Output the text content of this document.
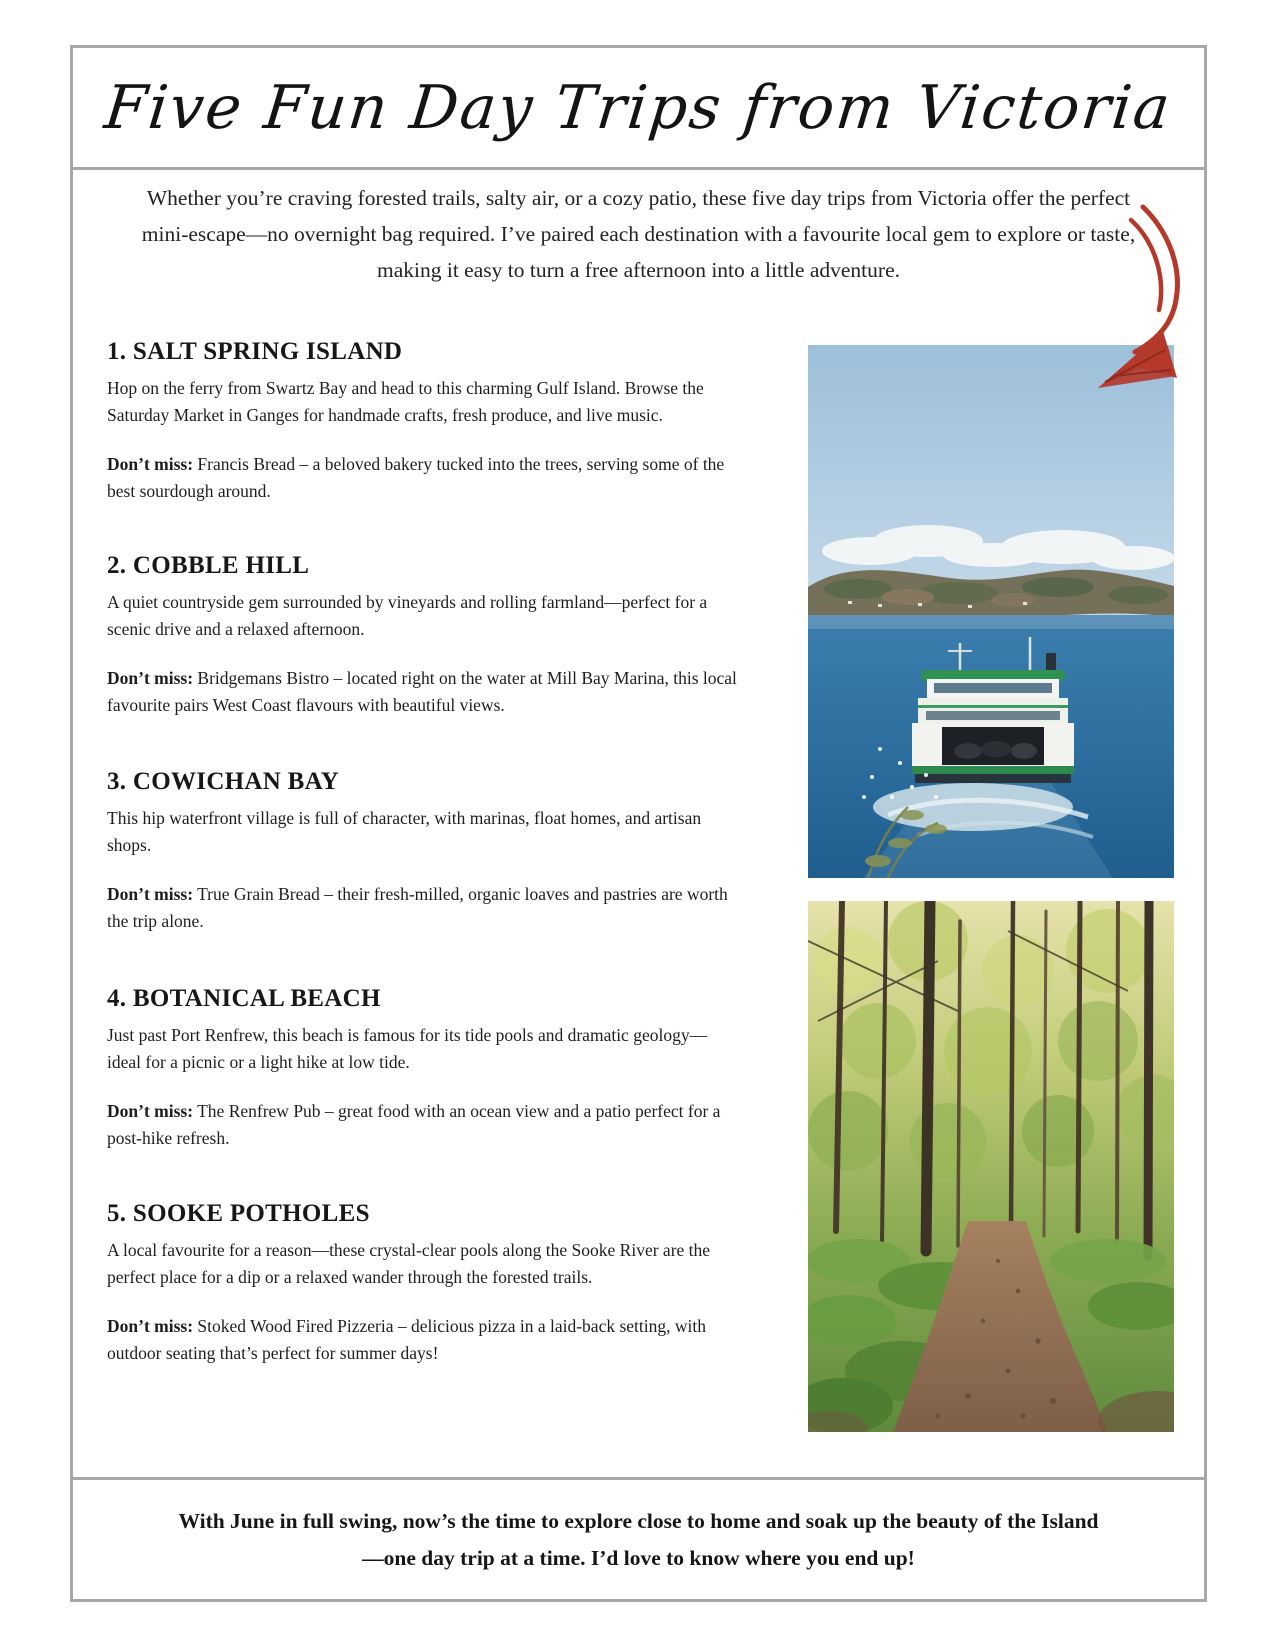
Five Fun Day Trips from Victoria
Whether you’re craving forested trails, salty air, or a cozy patio, these five day trips from Victoria offer the perfect mini-escape—no overnight bag required. I’ve paired each destination with a favourite local gem to explore or taste, making it easy to turn a free afternoon into a little adventure.
1. SALT SPRING ISLAND

Hop on the ferry from Swartz Bay and head to this charming Gulf Island. Browse the Saturday Market in Ganges for handmade crafts, fresh produce, and live music.

Don’t miss: Francis Bread – a beloved bakery tucked into the trees, serving some of the best sourdough around.

2. COBBLE HILL

A quiet countryside gem surrounded by vineyards and rolling farmland—perfect for a scenic drive and a relaxed afternoon.

Don’t miss: Bridgemans Bistro – located right on the water at Mill Bay Marina, this local favourite pairs West Coast flavours with beautiful views.

3. COWICHAN BAY

This hip waterfront village is full of character, with marinas, float homes, and artisan shops.

Don’t miss: True Grain Bread – their fresh-milled, organic loaves and pastries are worth the trip alone.

4. BOTANICAL BEACH

Just past Port Renfrew, this beach is famous for its tide pools and dramatic geology—ideal for a picnic or a light hike at low tide.

Don’t miss: The Renfrew Pub – great food with an ocean view and a patio perfect for a post-hike refresh.

5. SOOKE POTHOLES

A local favourite for a reason—these crystal-clear pools along the Sooke River are the perfect place for a dip or a relaxed wander through the forested trails.

Don’t miss: Stoked Wood Fired Pizzeria – delicious pizza in a laid-back setting, with outdoor seating that’s perfect for summer days!

With June in full swing, now’s the time to explore close to home and soak up the beauty of the Island
—one day trip at a time. I’d love to know where you end up!
